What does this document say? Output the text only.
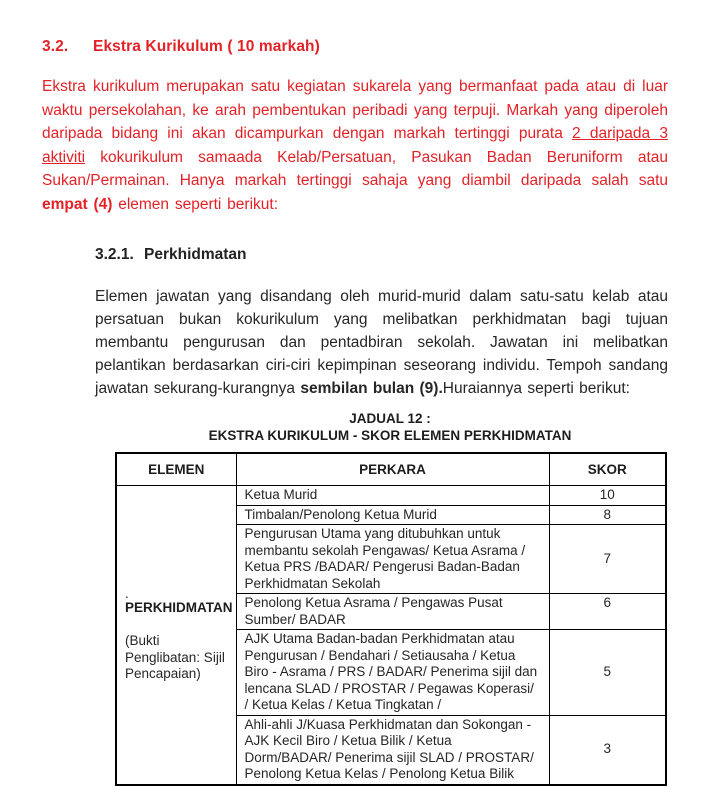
3.2. Ekstra Kurikulum ( 10 markah)

Ekstra kurikulum merupakan satu kegiatan sukarela yang bermanfaat pada atau di luar waktu persekolahan, ke arah pembentukan peribadi yang terpuji. Markah yang diperoleh daripada bidang ini akan dicampurkan dengan markah tertinggi purata 2 daripada 3 aktiviti kokurikulum samaada Kelab/Persatuan, Pasukan Badan Beruniform atau Sukan/Permainan. Hanya markah tertinggi sahaja yang diambil daripada salah satu empat (4) elemen seperti berikut:

3.2.1. Perkhidmatan

Elemen jawatan yang disandang oleh murid-murid dalam satu-satu kelab atau persatuan bukan kokurikulum yang melibatkan perkhidmatan bagi tujuan membantu pengurusan dan pentadbiran sekolah. Jawatan ini melibatkan pelantikan berdasarkan ciri-ciri kepimpinan seseorang individu. Tempoh sandang jawatan sekurang-kurangnya sembilan bulan (9).Huraiannya seperti berikut:

JADUAL 12 :
EKSTRA KURIKULUM - SKOR ELEMEN PERKHIDMATAN
ELEMEN	PERKARA	SKOR

.
PERKHIDMATAN
(Bukti Penglibatan: Sijil Pencapaian)	Ketua Murid	10
	Timbalan/Penolong Ketua Murid	8
	Pengurusan Utama yang ditubuhkan untuk membantu sekolah Pengawas/ Ketua Asrama / Ketua PRS /BADAR/ Pengerusi Badan-Badan Perkhidmatan Sekolah	7
	Penolong Ketua Asrama / Pengawas Pusat Sumber/ BADAR	6
	AJK Utama Badan-badan Perkhidmatan atau Pengurusan / Bendahari / Setiausaha / Ketua Biro - Asrama / PRS / BADAR/ Penerima sijil dan lencana SLAD / PROSTAR / Pegawas Koperasi/ / Ketua Kelas / Ketua Tingkatan /	5
	Ahli-ahli J/Kuasa Perkhidmatan dan Sokongan - AJK Kecil Biro / Ketua Bilik / Ketua Dorm/BADAR/ Penerima sijil SLAD / PROSTAR/ Penolong Ketua Kelas / Penolong Ketua Bilik	3
